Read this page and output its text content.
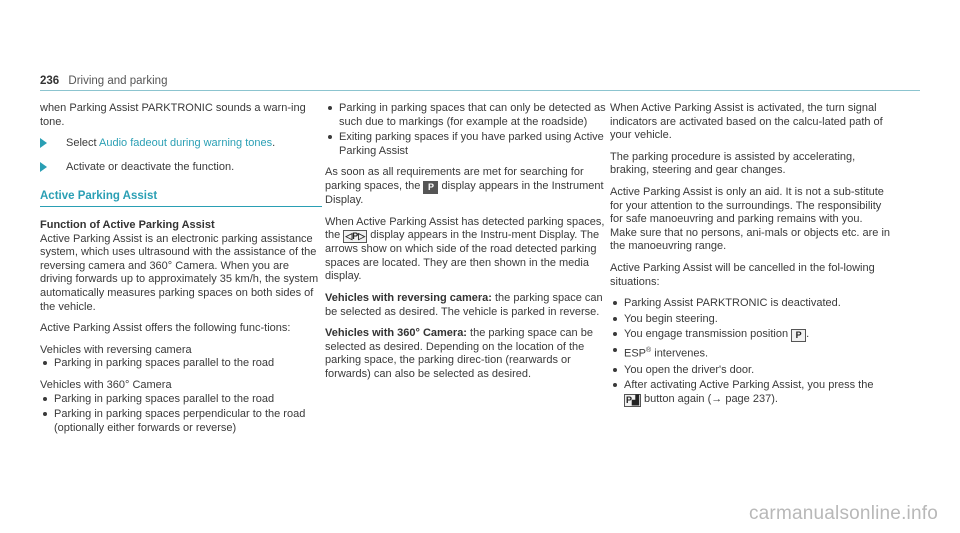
236 Driving and parking

when Parking Assist PARKTRONIC sounds a warn-ing tone.

Select Audio fadeout during warning tones.
Activate or deactivate the function.
Active Parking Assist
Function of Active Parking Assist

Active Parking Assist is an electronic parking assistance system, which uses ultrasound with the assistance of the reversing camera and 360° Camera. When you are driving forwards up to approximately 35 km/h, the system automatically measures parking spaces on both sides of the vehicle.

Active Parking Assist offers the following func-tions:

Vehicles with reversing camera
Parking in parking spaces parallel to the road
Vehicles with 360° Camera
Parking in parking spaces parallel to the road
Parking in parking spaces perpendicular to the road (optionally either forwards or reverse)
Parking in parking spaces that can only be detected as such due to markings (for example at the roadside)
Exiting parking spaces if you have parked using Active Parking Assist

As soon as all requirements are met for searching for parking spaces, the P display appears in the Instrument Display.

When Active Parking Assist has detected parking spaces, the ◁P▷ display appears in the Instru-ment Display. The arrows show on which side of the road detected parking spaces are located. They are then shown in the media display.

Vehicles with reversing camera: the parking space can be selected as desired. The vehicle is parked in reverse.

Vehicles with 360° Camera: the parking space can be selected as desired. Depending on the location of the parking space, the parking direc-tion (rearwards or forwards) can also be selected as desired.

When Active Parking Assist is activated, the turn signal indicators are activated based on the calcu-lated path of your vehicle.

The parking procedure is assisted by accelerating, braking, steering and gear changes.

Active Parking Assist is only an aid. It is not a sub-stitute for your attention to the surroundings. The responsibility for safe manoeuvring and parking remains with you. Make sure that no persons, ani-mals or objects etc. are in the manoeuvring range.

Active Parking Assist will be cancelled in the fol-lowing situations:

Parking Assist PARKTRONIC is deactivated.
You begin steering.
You engage transmission position P .
ESP® intervenes.
You open the driver's door.
After activating Active Parking Assist, you press the P▟ button again (→ page 237).
carmanualsonline.info
